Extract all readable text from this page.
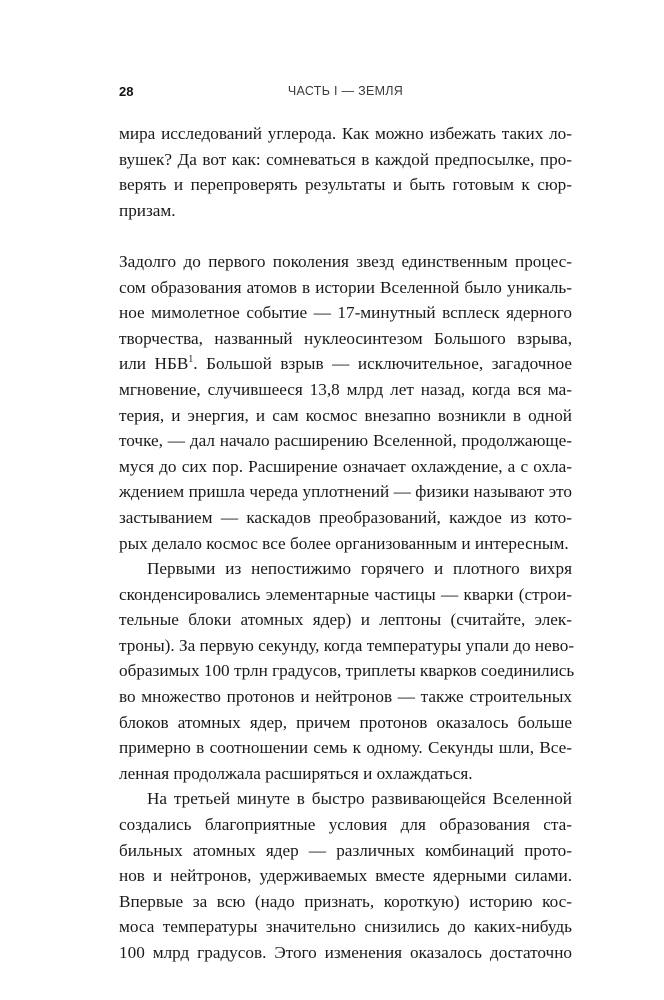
28	ЧАСТЬ I — ЗЕМЛЯ
мира исследований углерода. Как можно избежать таких ло-
вушек? Да вот как: сомневаться в каждой предпосылке, про-
верять и перепроверять результаты и быть готовым к сюр-
призам.
Задолго до первого поколения звезд единственным процес-
сом образования атомов в истории Вселенной было уникаль-
ное мимолетное событие — 17-минутный всплеск ядерного
творчества, названный нуклеосинтезом Большого взрыва,
или НБВ$^1$. Большой взрыв — исключительное, загадочное
мгновение, случившееся 13,8 млрд лет назад, когда вся ма-
терия, и энергия, и сам космос внезапно возникли в одной
точке, — дал начало расширению Вселенной, продолжающе-
муся до сих пор. Расширение означает охлаждение, а с охла-
ждением пришла череда уплотнений — физики называют это
застыванием — каскадов преобразований, каждое из кото-
рых делало космос все более организованным и интересным.
Первыми из непостижимо горячего и плотного вихря
сконденсировались элементарные частицы — кварки (строи-
тельные блоки атомных ядер) и лептоны (считайте, элек-
троны). За первую секунду, когда температуры упали до нево-
образимых 100 трлн градусов, триплеты кварков соединились
во множество протонов и нейтронов — также строительных
блоков атомных ядер, причем протонов оказалось больше
примерно в соотношении семь к одному. Секунды шли, Все-
ленная продолжала расширяться и охлаждаться.
На третьей минуте в быстро развивающейся Вселенной
создались благоприятные условия для образования ста-
бильных атомных ядер — различных комбинаций прото-
нов и нейтронов, удерживаемых вместе ядерными силами.
Впервые за всю (надо признать, короткую) историю кос-
моса температуры значительно снизились до каких-нибудь
100 млрд градусов. Этого изменения оказалось достаточно
